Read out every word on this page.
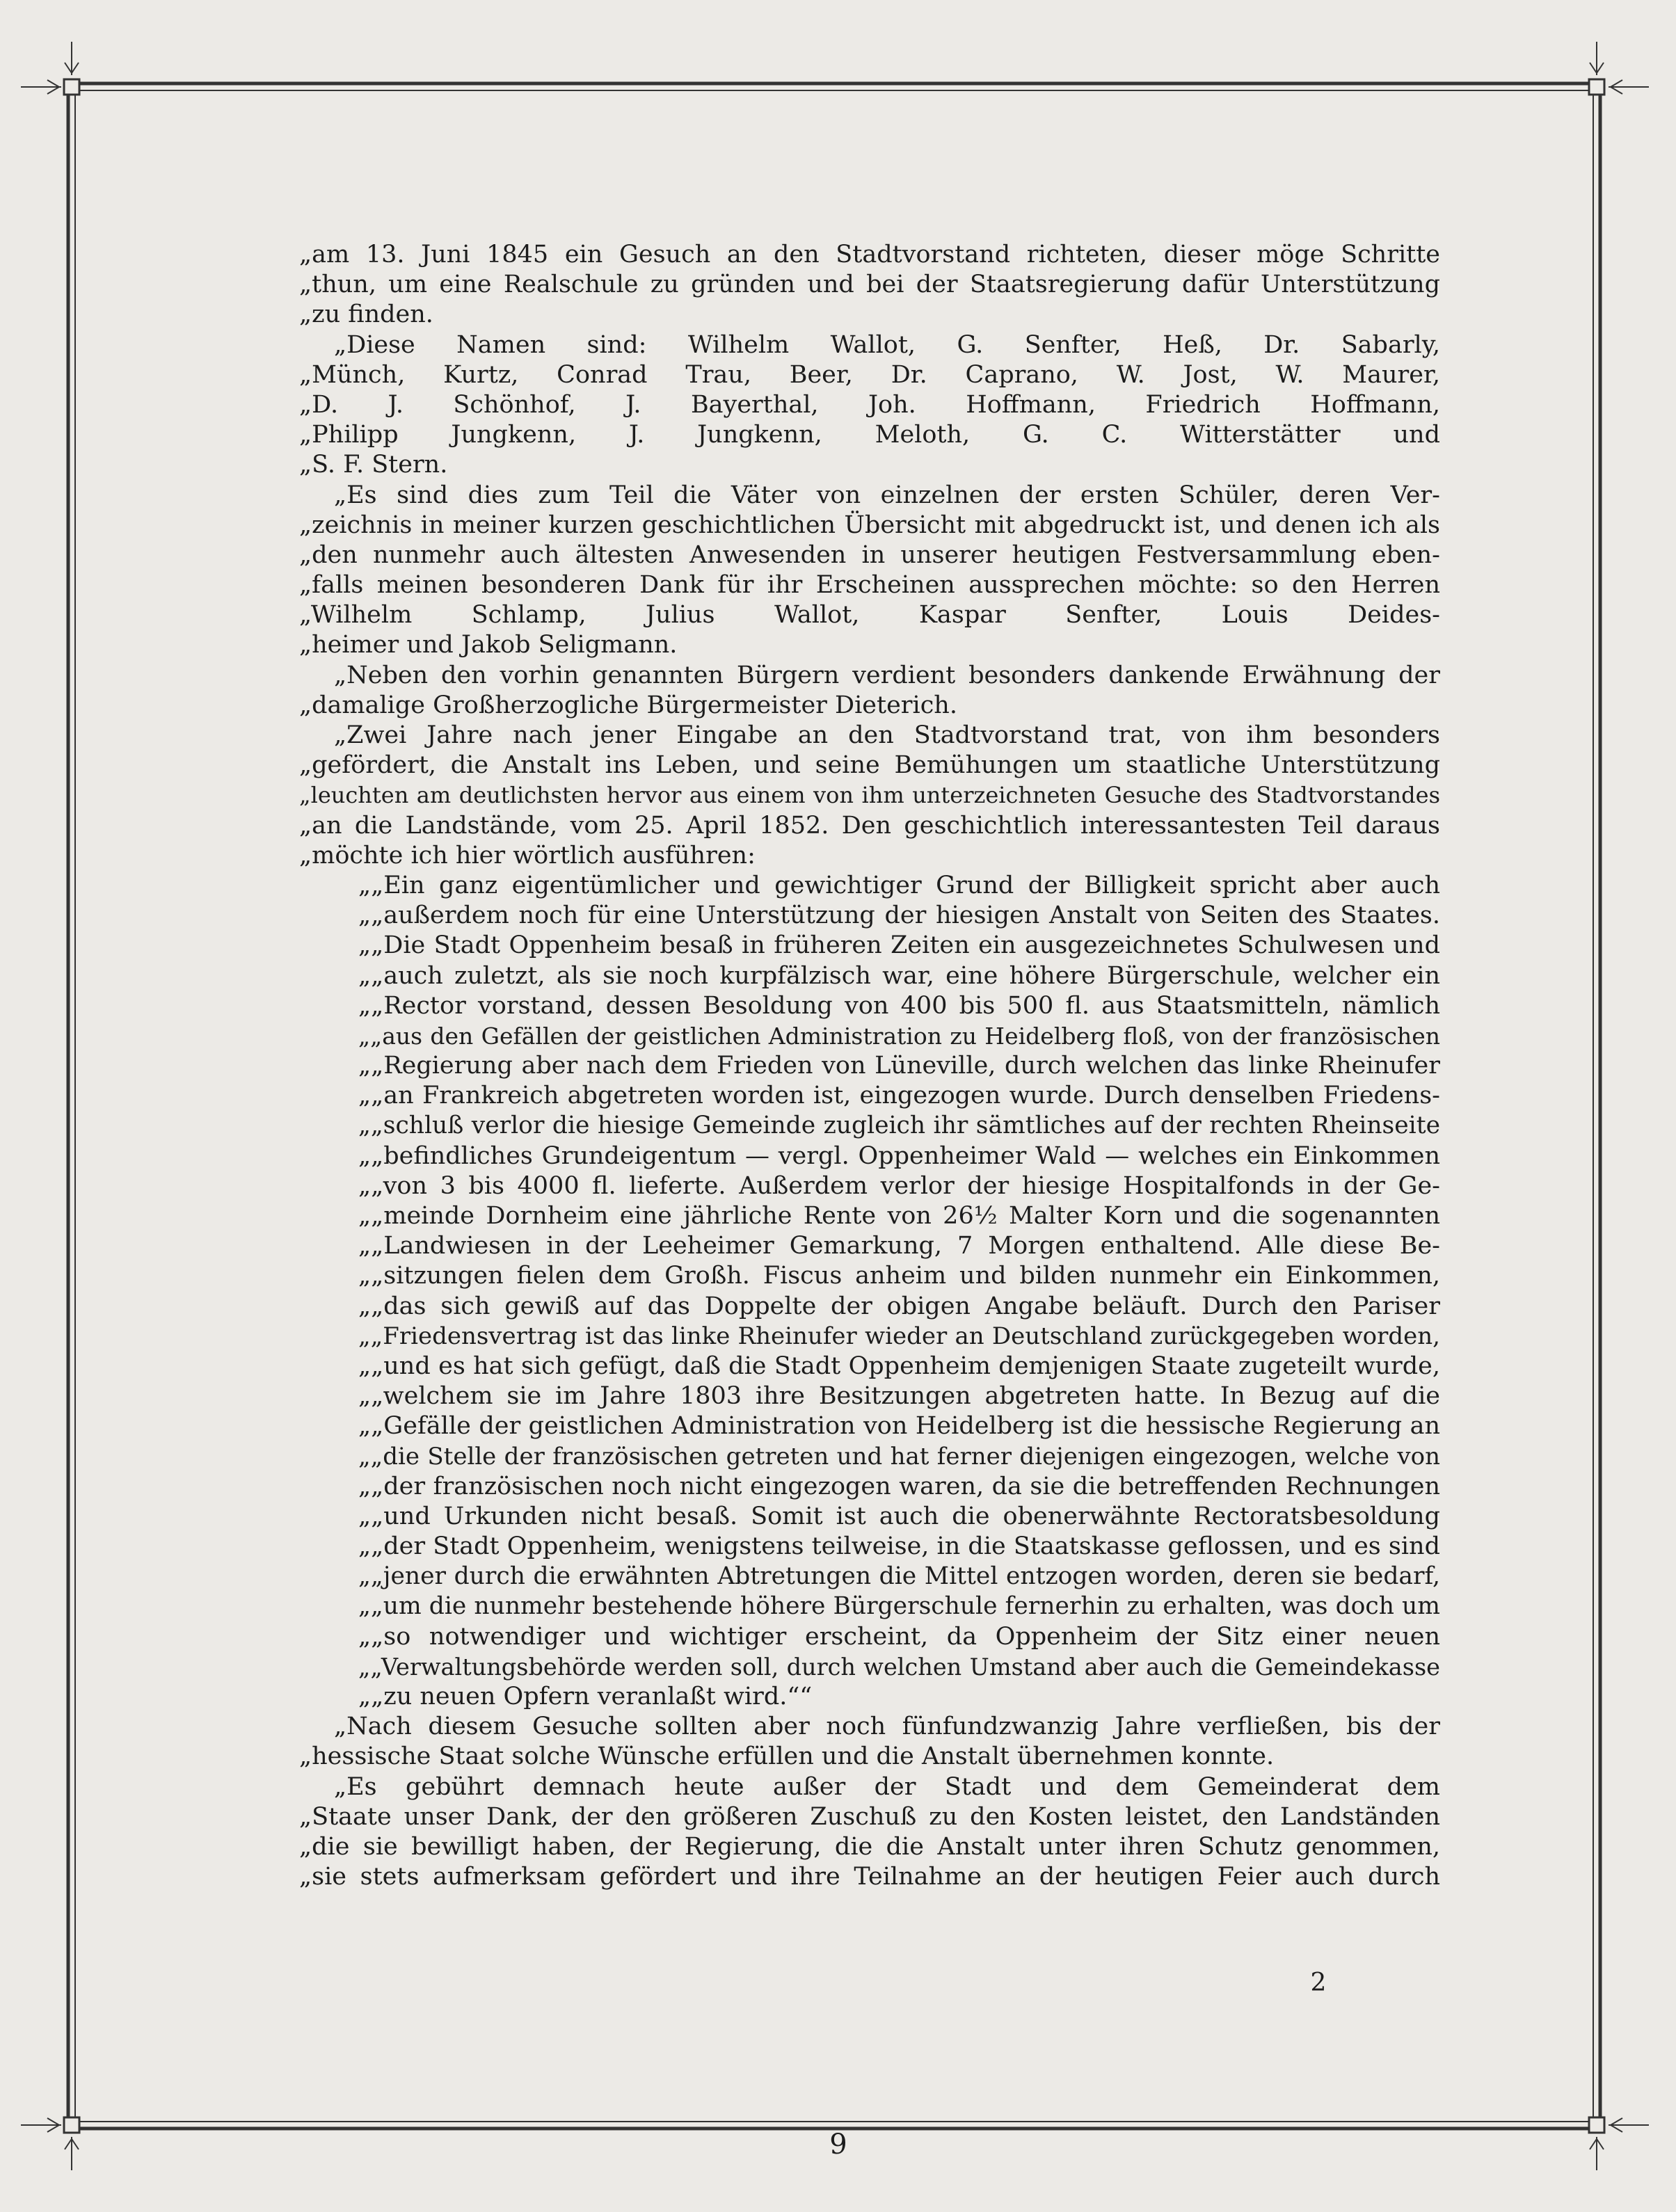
„am 13. Juni 1845 ein Gesuch an den Stadtvorstand richteten, dieser möge Schritte
„thun, um eine Realschule zu gründen und bei der Staatsregierung dafür Unterstützung
„zu finden.
„Diese Namen sind: Wilhelm Wallot, G. Senfter, Heß, Dr. Sabarly,
„Münch, Kurtz, Conrad Trau, Beer, Dr. Caprano, W. Jost, W. Maurer,
„D. J. Schönhof, J. Bayerthal, Joh. Hoffmann, Friedrich Hoffmann,
„Philipp Jungkenn, J. Jungkenn, Meloth, G. C. Witterstätter und
„S. F. Stern.
„Es sind dies zum Teil die Väter von einzelnen der ersten Schüler, deren Ver-
„zeichnis in meiner kurzen geschichtlichen Übersicht mit abgedruckt ist, und denen ich als
„den nunmehr auch ältesten Anwesenden in unserer heutigen Festversammlung eben-
„falls meinen besonderen Dank für ihr Erscheinen aussprechen möchte: so den Herren
„Wilhelm Schlamp, Julius Wallot, Kaspar Senfter, Louis Deides-
„heimer und Jakob Seligmann.
„Neben den vorhin genannten Bürgern verdient besonders dankende Erwähnung der
„damalige Großherzogliche Bürgermeister Dieterich.
„Zwei Jahre nach jener Eingabe an den Stadtvorstand trat, von ihm besonders
„gefördert, die Anstalt ins Leben, und seine Bemühungen um staatliche Unterstützung
„leuchten am deutlichsten hervor aus einem von ihm unterzeichneten Gesuche des Stadtvorstandes
„an die Landstände, vom 25. April 1852. Den geschichtlich interessantesten Teil daraus
„möchte ich hier wörtlich ausführen:
„„Ein ganz eigentümlicher und gewichtiger Grund der Billigkeit spricht aber auch
„„außerdem noch für eine Unterstützung der hiesigen Anstalt von Seiten des Staates.
„„Die Stadt Oppenheim besaß in früheren Zeiten ein ausgezeichnetes Schulwesen und
„„auch zuletzt, als sie noch kurpfälzisch war, eine höhere Bürgerschule, welcher ein
„„Rector vorstand, dessen Besoldung von 400 bis 500 fl. aus Staatsmitteln, nämlich
„„aus den Gefällen der geistlichen Administration zu Heidelberg floß, von der französischen
„„Regierung aber nach dem Frieden von Lüneville, durch welchen das linke Rheinufer
„„an Frankreich abgetreten worden ist, eingezogen wurde. Durch denselben Friedens-
„„schluß verlor die hiesige Gemeinde zugleich ihr sämtliches auf der rechten Rheinseite
„„befindliches Grundeigentum — vergl. Oppenheimer Wald — welches ein Einkommen
„„von 3 bis 4000 fl. lieferte. Außerdem verlor der hiesige Hospitalfonds in der Ge-
„„meinde Dornheim eine jährliche Rente von 26½ Malter Korn und die sogenannten
„„Landwiesen in der Leeheimer Gemarkung, 7 Morgen enthaltend. Alle diese Be-
„„sitzungen fielen dem Großh. Fiscus anheim und bilden nunmehr ein Einkommen,
„„das sich gewiß auf das Doppelte der obigen Angabe beläuft. Durch den Pariser
„„Friedensvertrag ist das linke Rheinufer wieder an Deutschland zurückgegeben worden,
„„und es hat sich gefügt, daß die Stadt Oppenheim demjenigen Staate zugeteilt wurde,
„„welchem sie im Jahre 1803 ihre Besitzungen abgetreten hatte. In Bezug auf die
„„Gefälle der geistlichen Administration von Heidelberg ist die hessische Regierung an
„„die Stelle der französischen getreten und hat ferner diejenigen eingezogen, welche von
„„der französischen noch nicht eingezogen waren, da sie die betreffenden Rechnungen
„„und Urkunden nicht besaß. Somit ist auch die obenerwähnte Rectoratsbesoldung
„„der Stadt Oppenheim, wenigstens teilweise, in die Staatskasse geflossen, und es sind
„„jener durch die erwähnten Abtretungen die Mittel entzogen worden, deren sie bedarf,
„„um die nunmehr bestehende höhere Bürgerschule fernerhin zu erhalten, was doch um
„„so notwendiger und wichtiger erscheint, da Oppenheim der Sitz einer neuen
„„Verwaltungsbehörde werden soll, durch welchen Umstand aber auch die Gemeindekasse
„„zu neuen Opfern veranlaßt wird.““
„Nach diesem Gesuche sollten aber noch fünfundzwanzig Jahre verfließen, bis der
„hessische Staat solche Wünsche erfüllen und die Anstalt übernehmen konnte.
„Es gebührt demnach heute außer der Stadt und dem Gemeinderat dem
„Staate unser Dank, der den größeren Zuschuß zu den Kosten leistet, den Landständen
„die sie bewilligt haben, der Regierung, die die Anstalt unter ihren Schutz genommen,
„sie stets aufmerksam gefördert und ihre Teilnahme an der heutigen Feier auch durch
2
9
